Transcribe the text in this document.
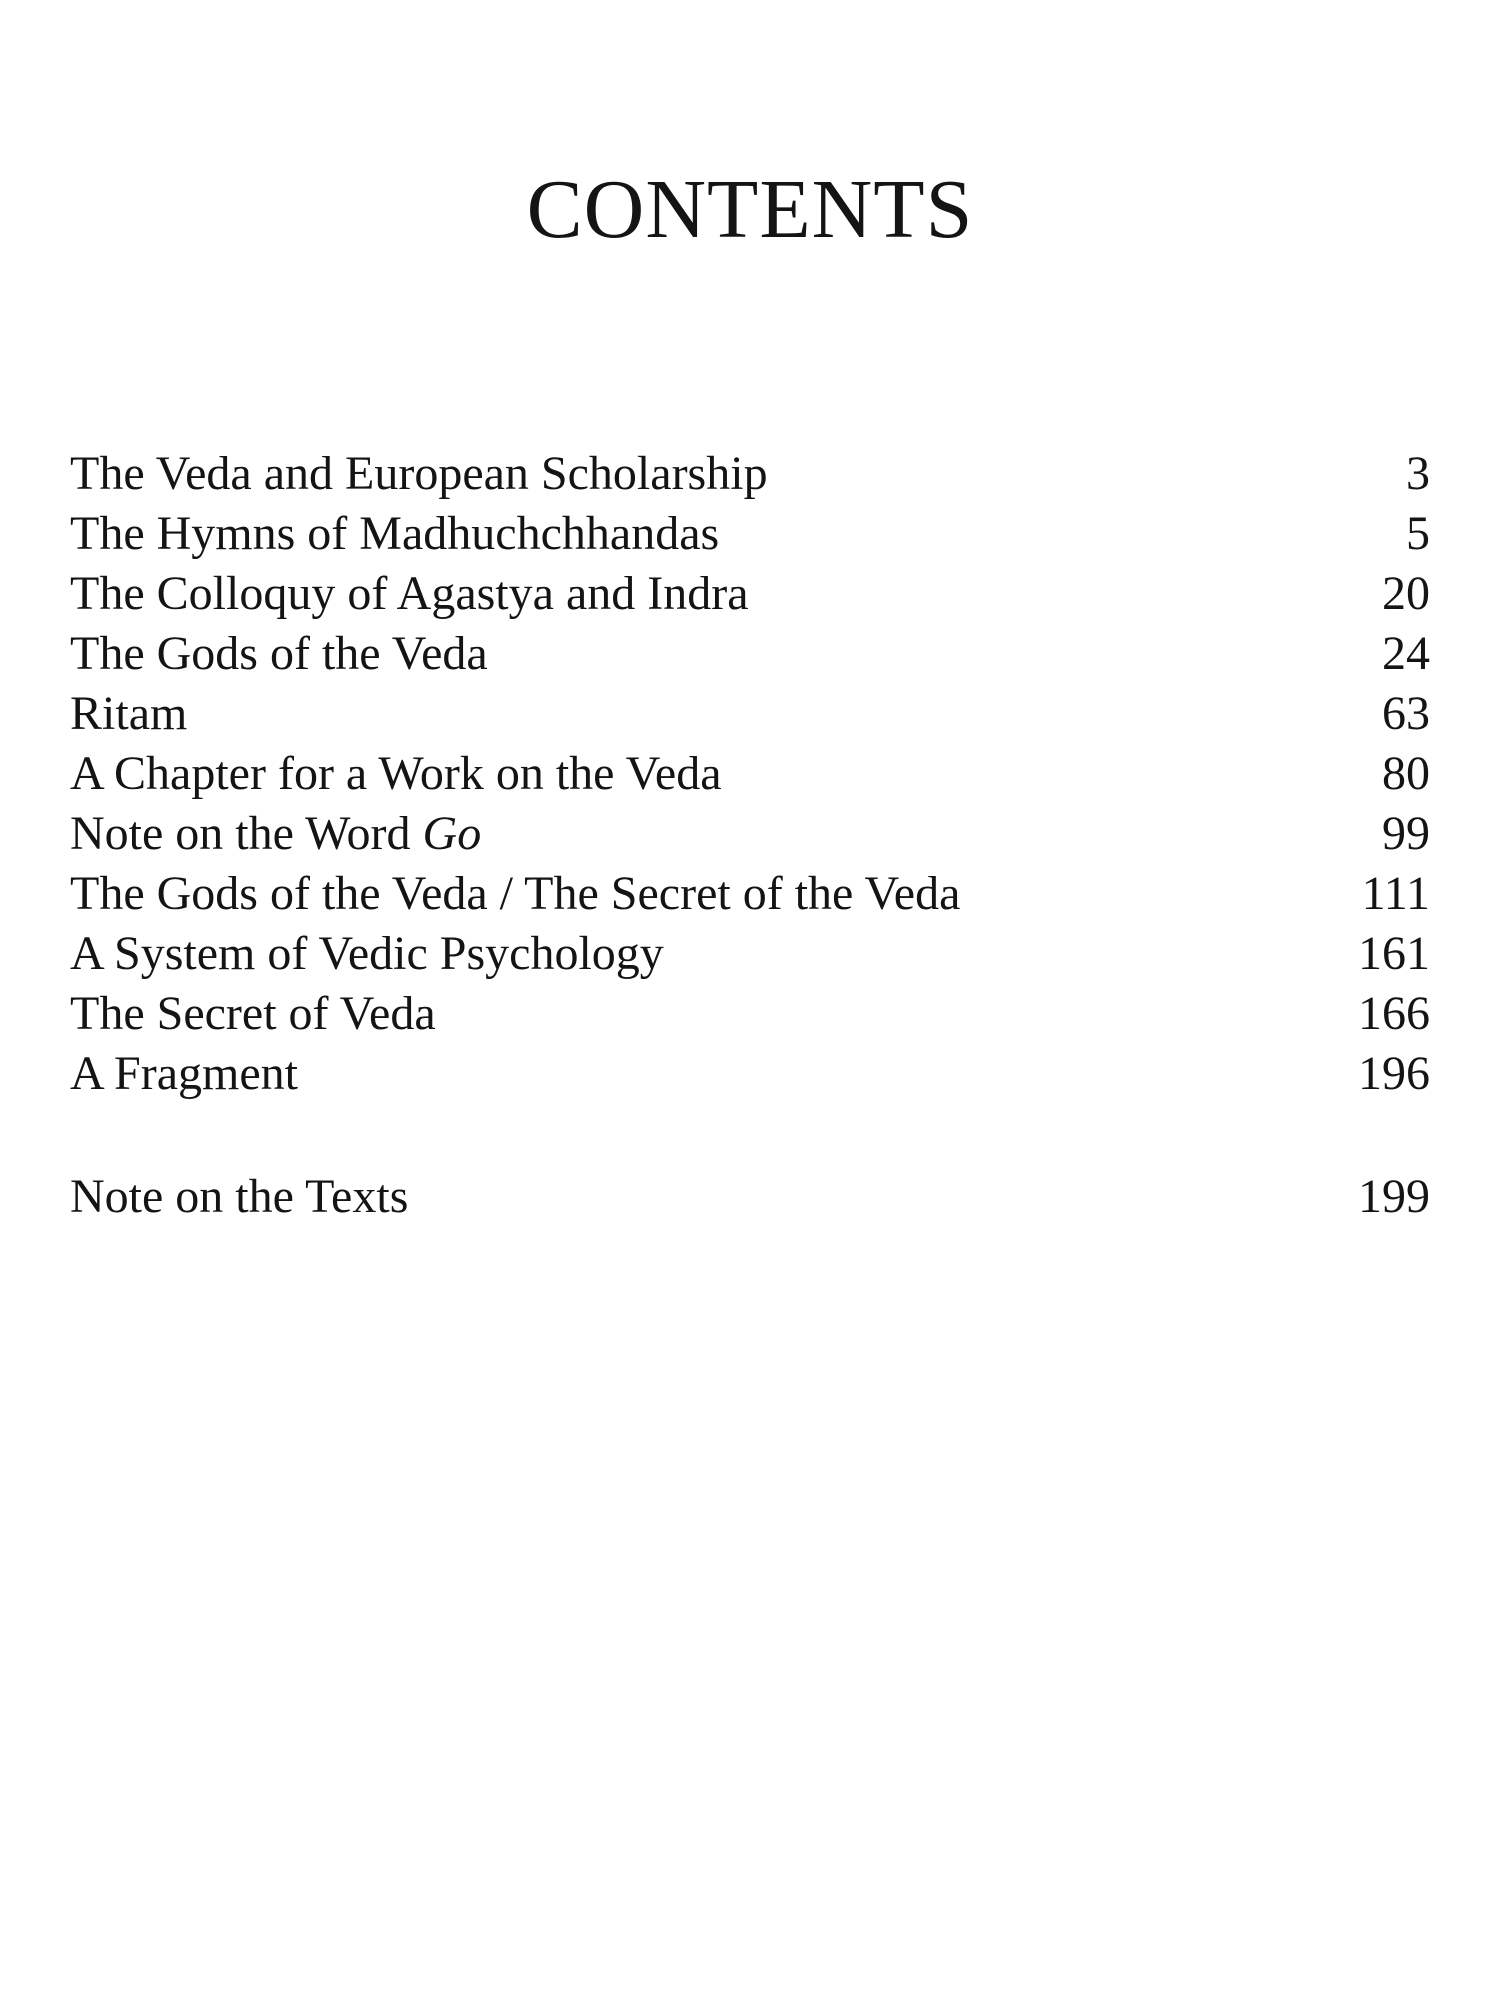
CONTENTS
The Veda and European Scholarship	3
The Hymns of Madhuchchhandas	5
The Colloquy of Agastya and Indra	20
The Gods of the Veda	24
Ritam	63
A Chapter for a Work on the Veda	80
Note on the Word Go	99
The Gods of the Veda / The Secret of the Veda	111
A System of Vedic Psychology	161
The Secret of Veda	166
A Fragment	196
Note on the Texts	199
